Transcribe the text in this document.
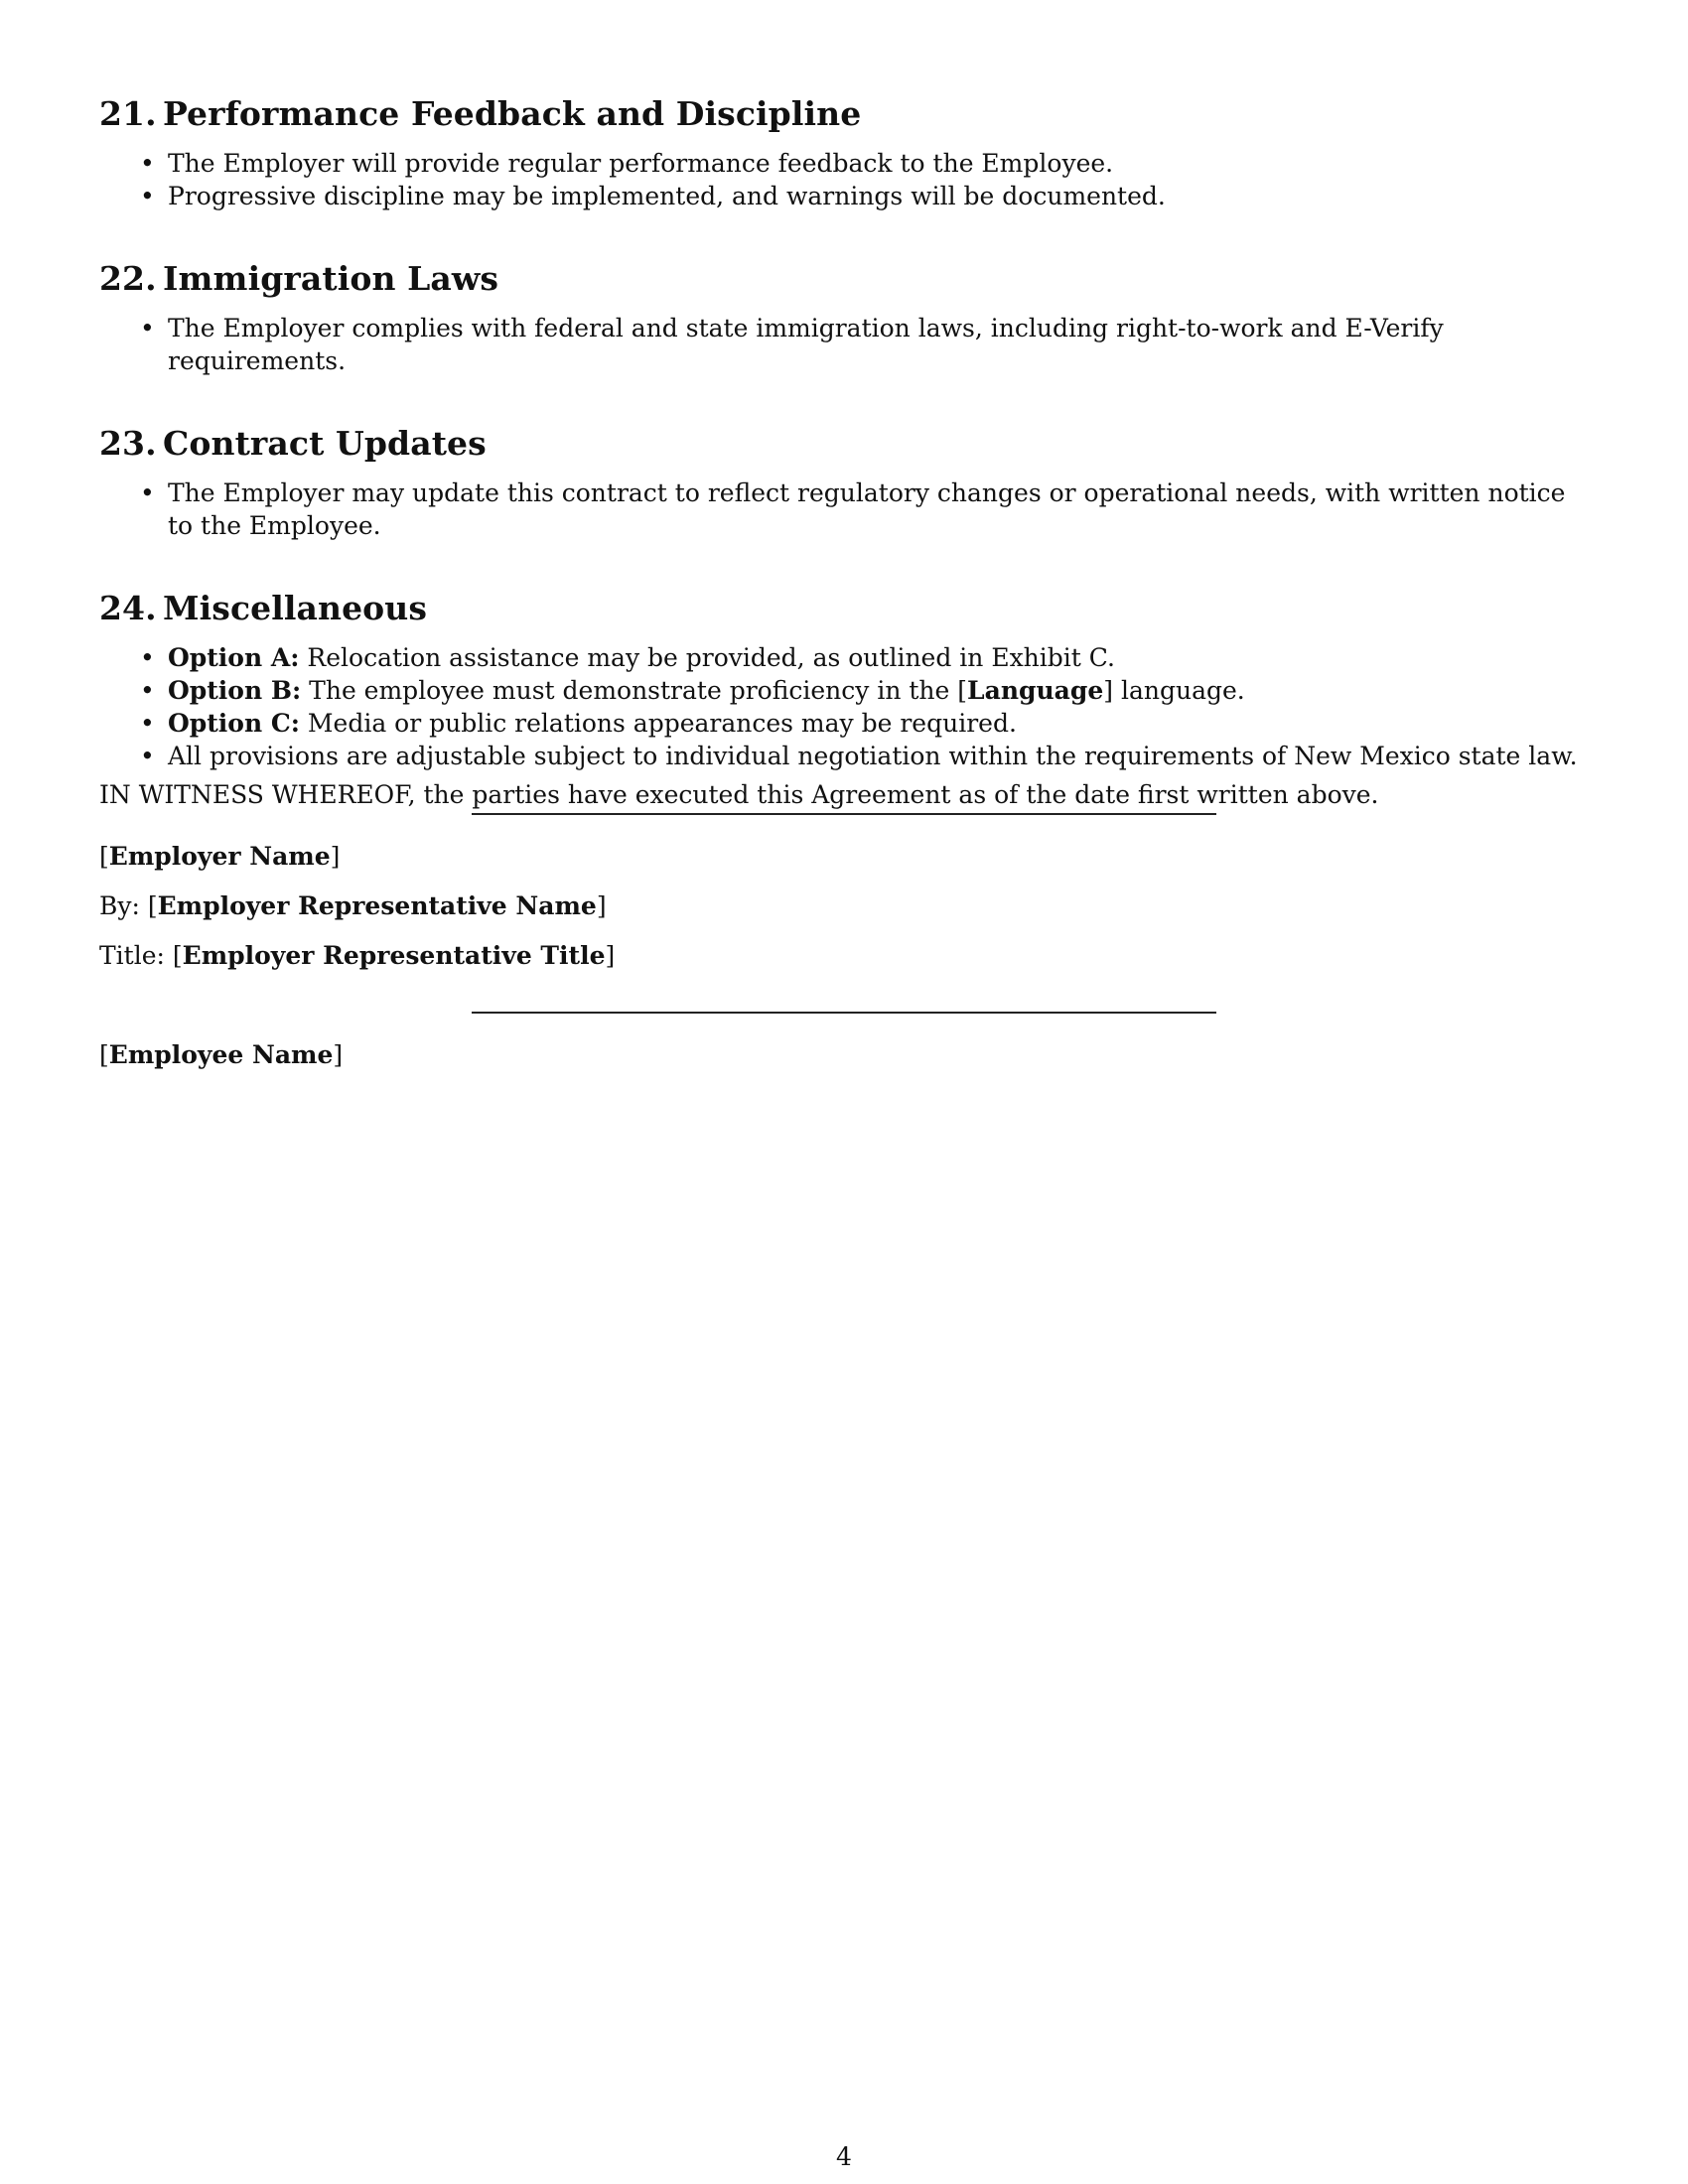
21. Performance Feedback and Discipline
• The Employer will provide regular performance feedback to the Employee.
• Progressive discipline may be implemented, and warnings will be documented.
22. Immigration Laws
• The Employer complies with federal and state immigration laws, including right-to-work and E-Verify requirements.
23. Contract Updates
• The Employer may update this contract to reflect regulatory changes or operational needs, with written notice to the Employee.
24. Miscellaneous
• Option A: Relocation assistance may be provided, as outlined in Exhibit C.
• Option B: The employee must demonstrate proficiency in the [Language] language.
• Option C: Media or public relations appearances may be required.
• All provisions are adjustable subject to individual negotiation within the requirements of New Mexico state law.

IN WITNESS WHEREOF, the parties have executed this Agreement as of the date first written above.

[Employer Name]

By: [Employer Representative Name]

Title: [Employer Representative Title]

[Employee Name]

4
